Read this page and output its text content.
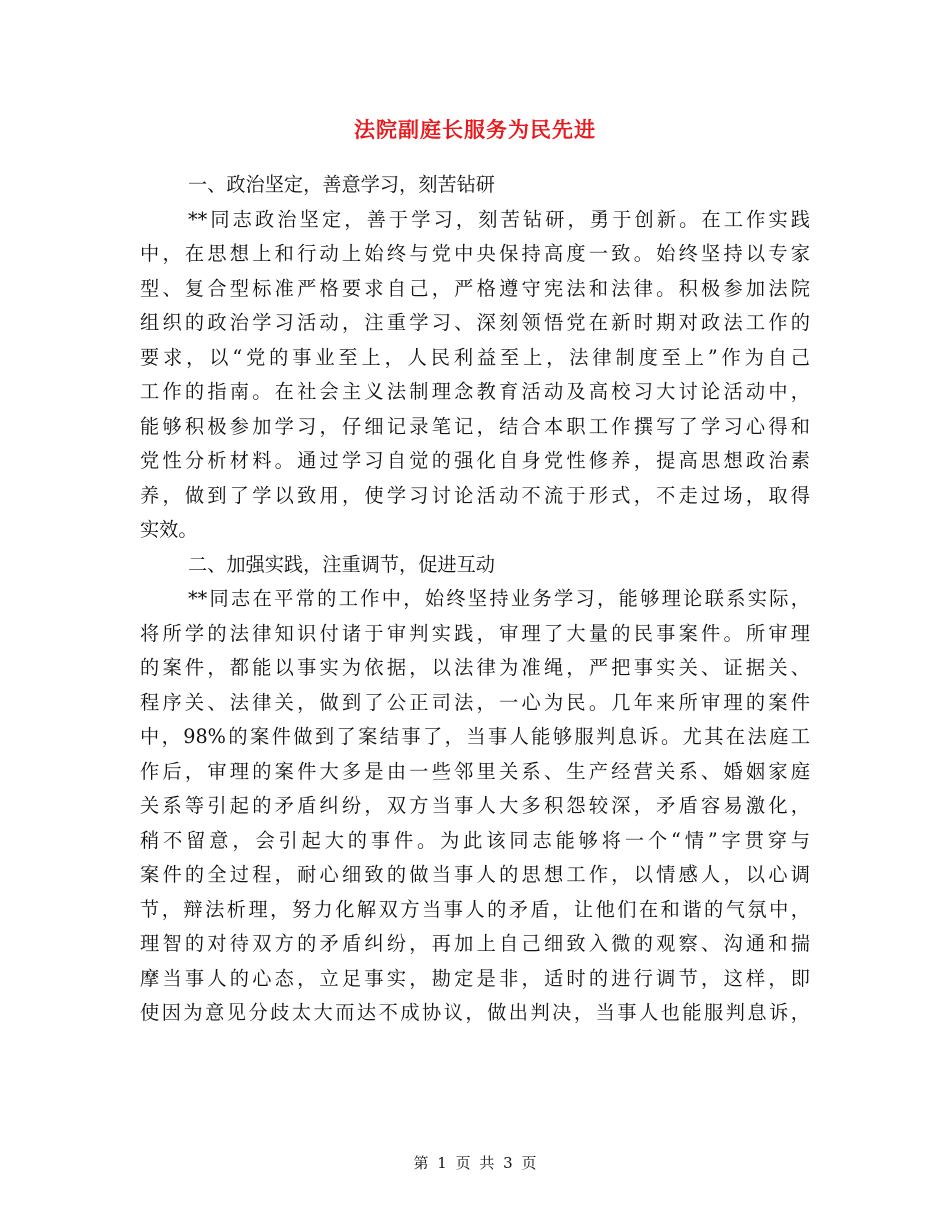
法院副庭长服务为民先进
一、政治坚定，善意学习，刻苦钻研
**同志政治坚定，善于学习，刻苦钻研，勇于创新。在工作实践
中，在思想上和行动上始终与党中央保持高度一致。始终坚持以专家
型、复合型标准严格要求自己，严格遵守宪法和法律。积极参加法院
组织的政治学习活动，注重学习、深刻领悟党在新时期对政法工作的
要求，以“党的事业至上，人民利益至上，法律制度至上”作为自己
工作的指南。在社会主义法制理念教育活动及高校习大讨论活动中，
能够积极参加学习，仔细记录笔记，结合本职工作撰写了学习心得和
党性分析材料。通过学习自觉的强化自身党性修养，提高思想政治素
养，做到了学以致用，使学习讨论活动不流于形式，不走过场，取得
实效。
二、加强实践，注重调节，促进互动
**同志在平常的工作中，始终坚持业务学习，能够理论联系实际，
将所学的法律知识付诸于审判实践，审理了大量的民事案件。所审理
的案件，都能以事实为依据，以法律为准绳，严把事实关、证据关、
程序关、法律关，做到了公正司法，一心为民。几年来所审理的案件
中，98%的案件做到了案结事了，当事人能够服判息诉。尤其在法庭工
作后，审理的案件大多是由一些邻里关系、生产经营关系、婚姻家庭
关系等引起的矛盾纠纷，双方当事人大多积怨较深，矛盾容易激化，
稍不留意，会引起大的事件。为此该同志能够将一个“情”字贯穿与
案件的全过程，耐心细致的做当事人的思想工作，以情感人，以心调
节，辩法析理，努力化解双方当事人的矛盾，让他们在和谐的气氛中，
理智的对待双方的矛盾纠纷，再加上自己细致入微的观察、沟通和揣
摩当事人的心态，立足事实，勘定是非，适时的进行调节，这样，即
使因为意见分歧太大而达不成协议，做出判决，当事人也能服判息诉，
第 1 页 共 3 页
